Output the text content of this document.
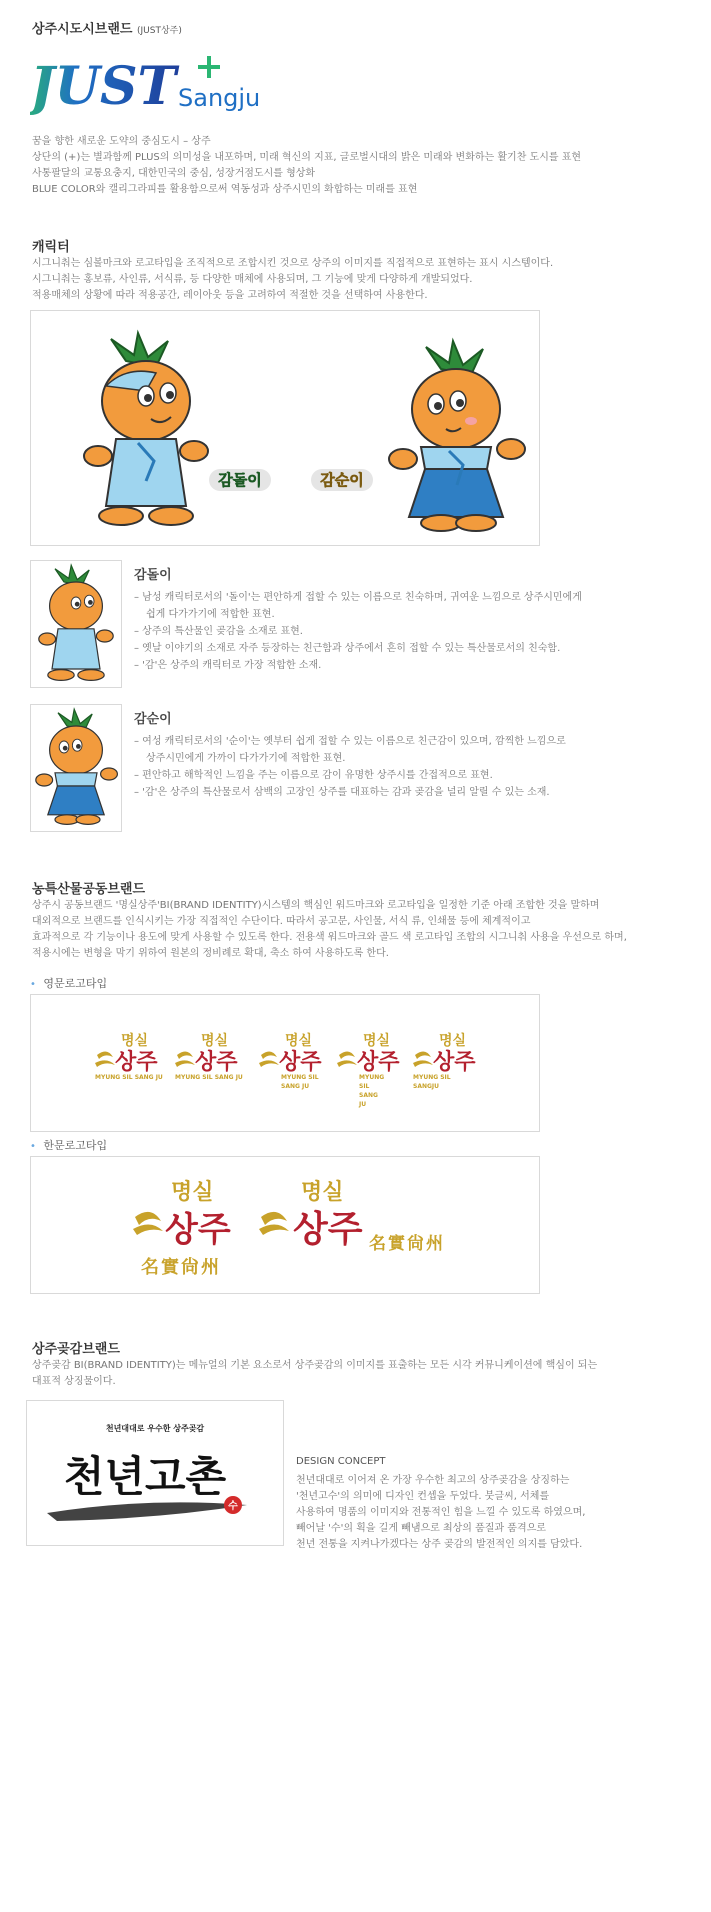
상주시도시브랜드 (JUST상주)
JUST Sangju
꿈을 향한 새로운 도약의 중심도시 – 상주
상단의 (+)는 별과함께 PLUS의 의미성을 내포하며, 미래 혁신의 지표, 글로벌시대의 밝은 미래와 변화하는 활기찬 도시를 표현
사통팔달의 교통요충지, 대한민국의 중심, 성장거점도시를 형상화
BLUE COLOR와 캘리그라피를 활용함으로써 역동성과 상주시민의 화합하는 미래를 표현
캐릭터
시그니춰는 심볼마크와 로고타입을 조직적으로 조합시킨 것으로 상주의 이미지를 직접적으로 표현하는 표시 시스템이다.
시그니춰는 홍보류, 사인류, 서식류, 등 다양한 매체에 사용되며, 그 기능에 맞게 다양하게 개발되었다.
적용매체의 상황에 따라 적용공간, 레이아웃 등을 고려하여 적절한 것을 선택하여 사용한다.
감돌이	감순이
감돌이
– 남성 캐릭터로서의 '돌이'는 편안하게 접할 수 있는 이름으로 친숙하며, 귀여운 느낌으로 상주시민에게
쉽게 다가가기에 적합한 표현.
– 상주의 특산물인 곶감을 소재로 표현.
– 옛날 이야기의 소재로 자주 등장하는 친근함과 상주에서 흔히 접할 수 있는 특산물로서의 친숙함.
– '감'은 상주의 캐릭터로 가장 적합한 소재.
감순이
– 여성 캐릭터로서의 '순이'는 옛부터 쉽게 접할 수 있는 이름으로 친근감이 있으며, 깜찍한 느낌으로
상주시민에게 가까이 다가가기에 적합한 표현.
– 편안하고 해학적인 느낌을 주는 이름으로 감이 유명한 상주시를 간접적으로 표현.
– '감'은 상주의 특산물로서 삼백의 고장인 상주를 대표하는 감과 곶감을 널리 알릴 수 있는 소재.
농특산물공동브랜드
상주시 공동브랜드 '명실상주'BI(BRAND IDENTITY)시스템의 핵심인 워드마크와 로고타입을 일정한 기준 아래 조합한 것을 말하며
대외적으로 브랜드를 인식시키는 가장 직접적인 수단이다. 따라서 공고문, 사인물, 서식 류, 인쇄물 등에 체계적이고
효과적으로 각 기능이나 용도에 맞게 사용할 수 있도록 한다. 전용색 워드마크와 골드 색 로고타입 조합의 시그니춰 사용을 우선으로 하며,
적용시에는 변형을 막기 위하여 원본의 정비례로 확대, 축소 하여 사용하도록 한다.
• 영문로고타입
명실
상주
MYUNG SIL SANG JU
명실
상주
MYUNG SIL SANG JU
명실
상주
MYUNG SIL
SANG JU
명실
상주
MYUNG
SIL
SANG
JU
명실
상주
MYUNG SIL
SANGJU
• 한문로고타입
명실
상주
名實尙州
명실
상주 名實尙州
상주곶감브랜드
상주곶감 BI(BRAND IDENTITY)는 메뉴얼의 기본 요소로서 상주곶감의 이미지를 표출하는 모든 시각 커뮤니케이션에 핵심이 되는
대표적 상징물이다.
천년대대로 우수한 상주곶감
천년고촌
수
DESIGN CONCEPT
천년대대로 이어져 온 가장 우수한 최고의 상주곶감을 상징하는
'천년고수'의 의미에 디자인 컨셉을 두었다. 붓글씨, 서체를
사용하여 명품의 이미지와 전통적인 힘을 느낄 수 있도록 하였으며,
빼어날 '수'의 획을 길게 빼냄으로 최상의 품질과 품격으로
천년 전통을 지켜나가겠다는 상주 곶감의 발전적인 의지를 담았다.
